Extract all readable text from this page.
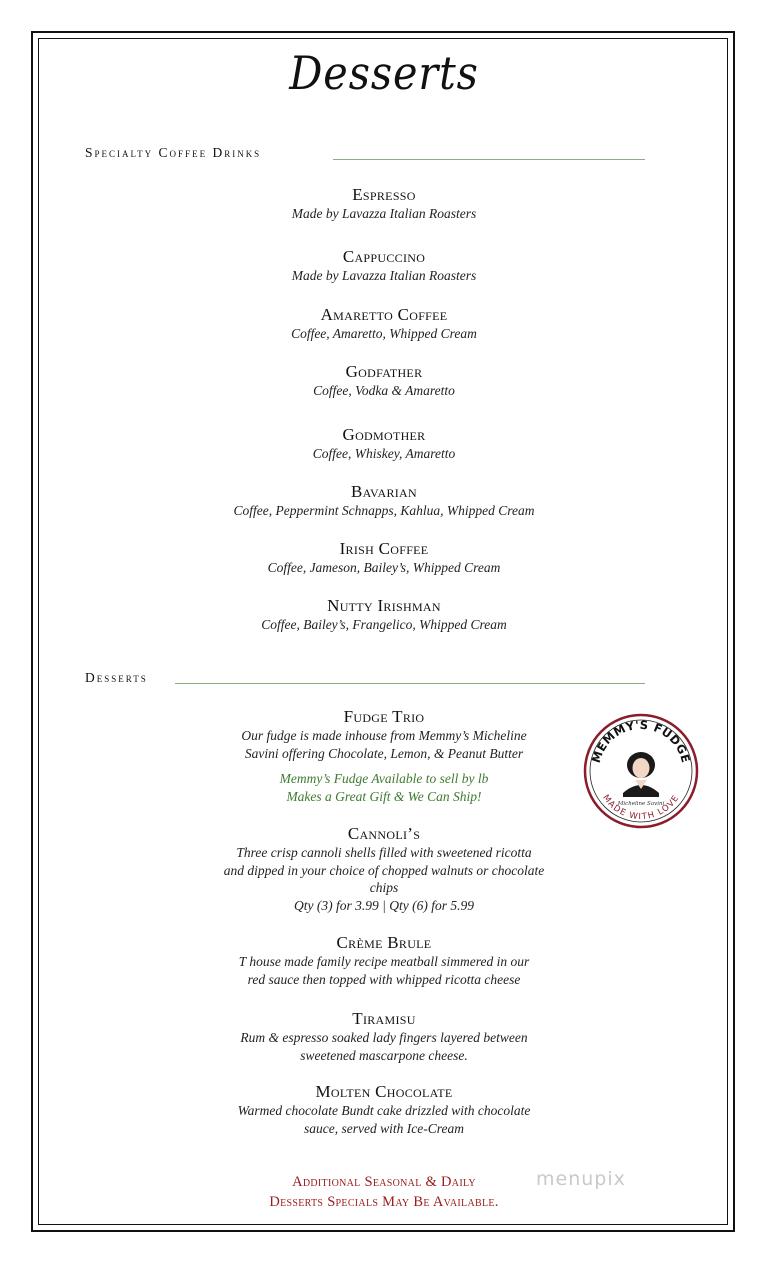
Desserts
Specialty Coffee Drinks
Espresso
Made by Lavazza Italian Roasters
Cappuccino
Made by Lavazza Italian Roasters
Amaretto Coffee
Coffee, Amaretto, Whipped Cream
Godfather
Coffee, Vodka & Amaretto
Godmother
Coffee, Whiskey, Amaretto
Bavarian
Coffee, Peppermint Schnapps, Kahlua, Whipped Cream
Irish Coffee
Coffee, Jameson, Bailey’s, Whipped Cream
Nutty Irishman
Coffee, Bailey’s, Frangelico, Whipped Cream
Desserts
Fudge Trio
Our fudge is made inhouse from Memmy’s Micheline
Savini offering Chocolate, Lemon, & Peanut Butter
Memmy’s Fudge Available to sell by lb
Makes a Great Gift & We Can Ship!
Cannoli’s
Three crisp cannoli shells filled with sweetened ricotta
and dipped in your choice of chopped walnuts or chocolate
chips
Qty (3) for 3.99 | Qty (6) for 5.99
Crème Brule
T house made family recipe meatball simmered in our
red sauce then topped with whipped ricotta cheese
Tiramisu
Rum & espresso soaked lady fingers layered between
sweetened mascarpone cheese.
Molten Chocolate
Warmed chocolate Bundt cake drizzled with chocolate
sauce, served with Ice-Cream
MEMMY'S FUDGE
MADE WITH LOVE
Micheline Savini
Additional Seasonal & Daily
Desserts Specials May Be Available.
menupix
